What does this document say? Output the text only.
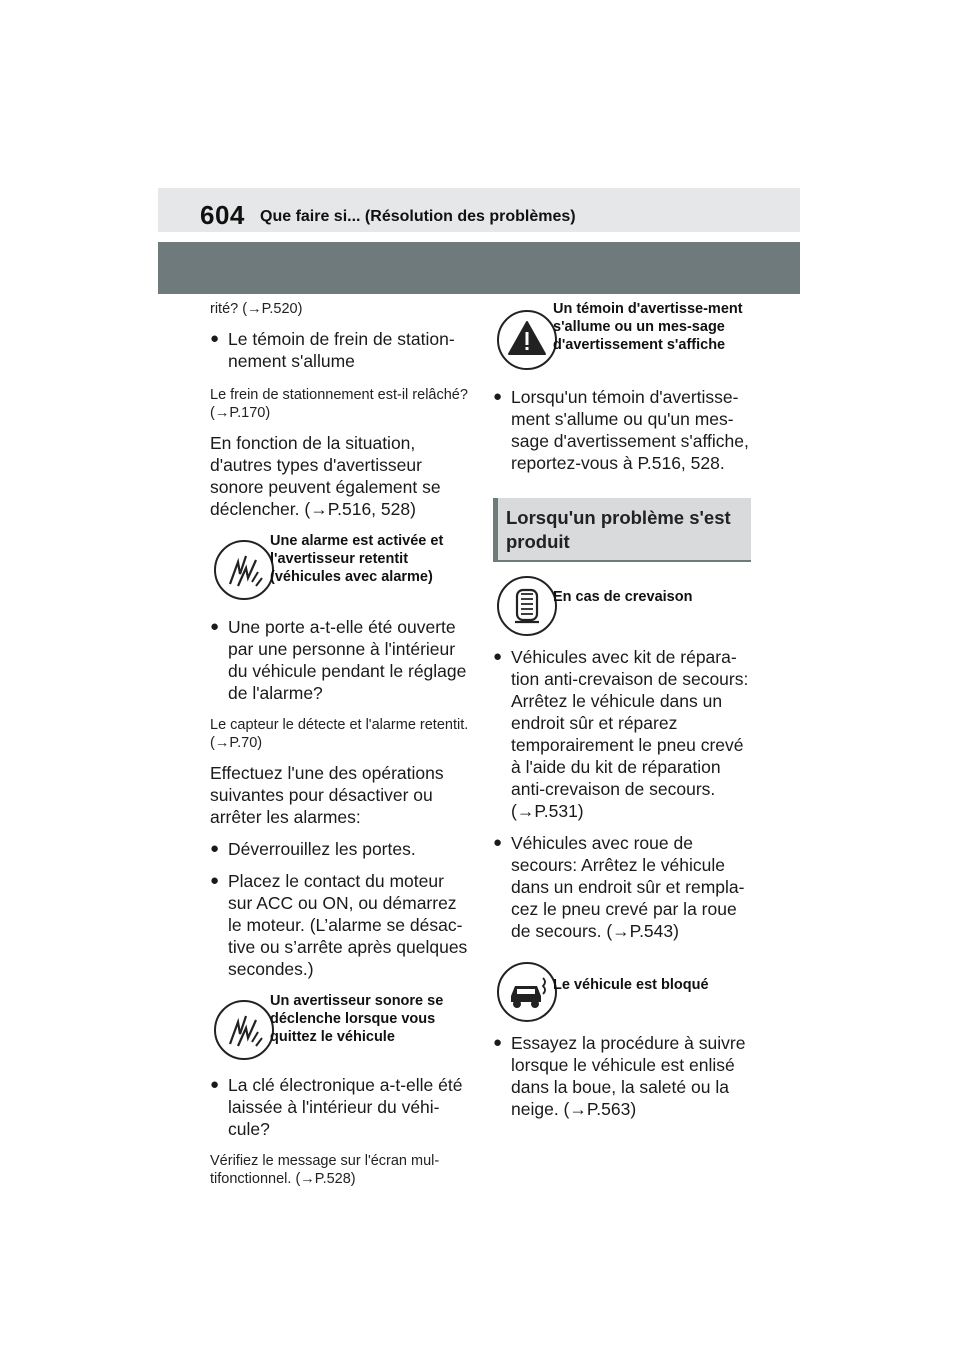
604 Que faire si... (Résolution des problèmes)

rité? (→P.520)

● Le témoin de frein de station-nement s'allume

Le frein de stationnement est-il relâché? (→P.170)

En fonction de la situation, d'autres types d'avertisseur sonore peuvent également se déclencher. (→P.516, 528)

Une alarme est activée et l'avertisseur retentit (véhicules avec alarme)

● Une porte a-t-elle été ouverte par une personne à l'intérieur du véhicule pendant le réglage de l'alarme?

Le capteur le détecte et l'alarme retentit. (→P.70)

Effectuez l'une des opérations suivantes pour désactiver ou arrêter les alarmes:

● Déverrouillez les portes.

● Placez le contact du moteur sur ACC ou ON, ou démarrez le moteur. (L’alarme se désac-tive ou s’arrête après quelques secondes.)

Un avertisseur sonore se déclenche lorsque vous quittez le véhicule

● La clé électronique a-t-elle été laissée à l'intérieur du véhi-cule?

Vérifiez le message sur l'écran mul-tifonctionnel. (→P.528)

Un témoin d'avertisse-ment s'allume ou un mes-sage d'avertissement s'affiche

● Lorsqu'un témoin d'avertisse-ment s'allume ou qu'un mes-sage d'avertissement s'affiche, reportez-vous à P.516, 528.

Lorsqu'un problème s'est produit
En cas de crevaison

● Véhicules avec kit de répara-tion anti-crevaison de secours: Arrêtez le véhicule dans un endroit sûr et réparez temporairement le pneu crevé à l'aide du kit de réparation anti-crevaison de secours. (→P.531)

● Véhicules avec roue de secours: Arrêtez le véhicule dans un endroit sûr et rempla-cez le pneu crevé par la roue de secours. (→P.543)

Le véhicule est bloqué

● Essayez la procédure à suivre lorsque le véhicule est enlisé dans la boue, la saleté ou la neige. (→P.563)
